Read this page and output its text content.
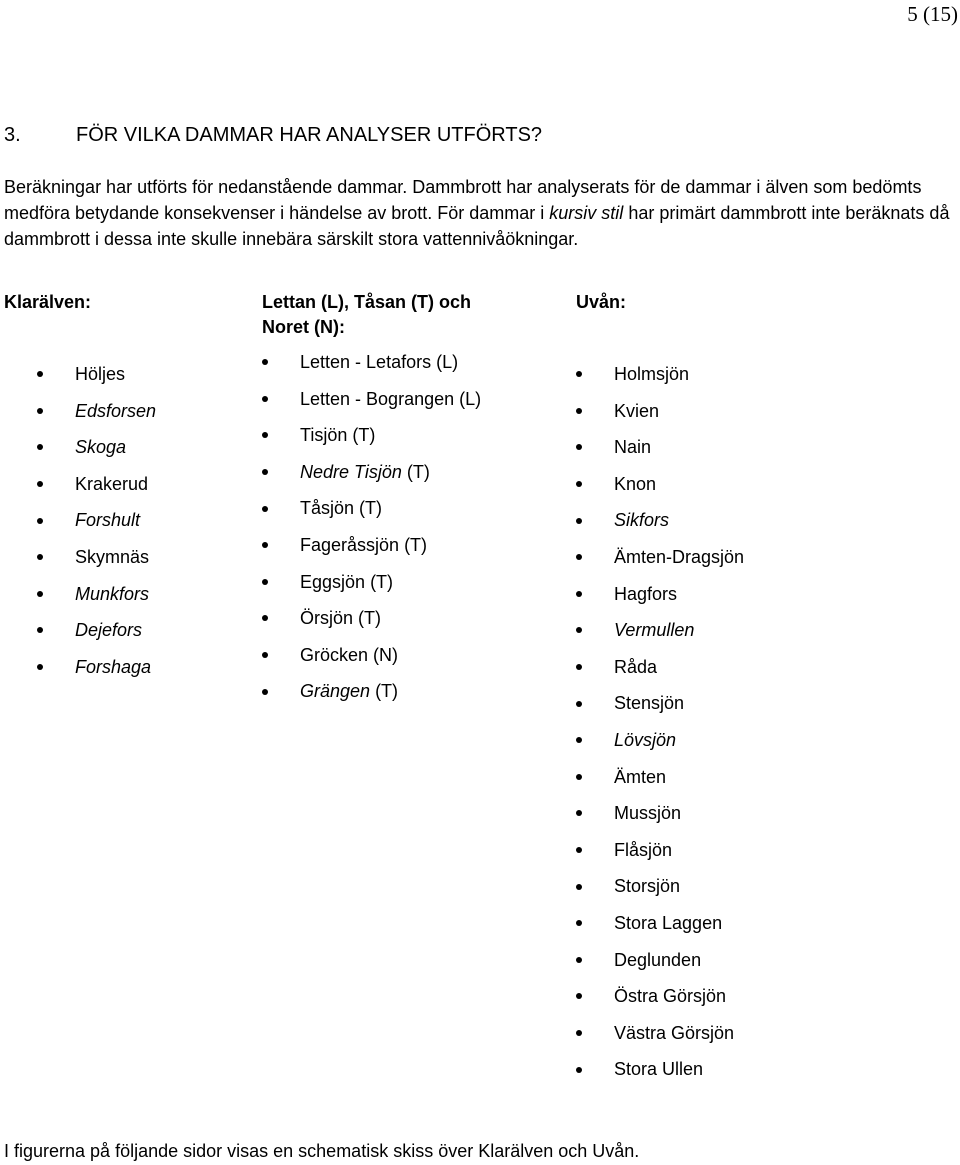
5 (15)
3.	FÖR VILKA DAMMAR HAR ANALYSER UTFÖRTS?

Beräkningar har utförts för nedanstående dammar. Dammbrott har analyserats för de dammar i älven som bedömts medföra betydande konsekvenser i händelse av brott. För dammar i kursiv stil har primärt dammbrott inte beräknats då dammbrott i dessa inte skulle innebära särskilt stora vattennivåökningar.

Klarälven:	Lettan (L), Tåsan (T) och
Noret (N):

Uvån:

Höljes
Edsforsen
Skoga
Krakerud
Forshult
Skymnäs
Munkfors
Dejefors
Forshaga
Letten - Letafors (L)
Letten - Bograngen (L)
Tisjön (T)
Nedre Tisjön (T)
Tåsjön (T)
Fageråssjön (T)
Eggsjön (T)
Örsjön (T)
Gröcken (N)
Grängen (T)
Holmsjön
Kvien
Nain
Knon
Sikfors
Ämten-Dragsjön
Hagfors
Vermullen
Råda
Stensjön
Lövsjön
Ämten
Mussjön
Flåsjön
Storsjön
Stora Laggen
Deglunden
Östra Görsjön
Västra Görsjön
Stora Ullen

I figurerna på följande sidor visas en schematisk skiss över Klarälven och Uvån.
